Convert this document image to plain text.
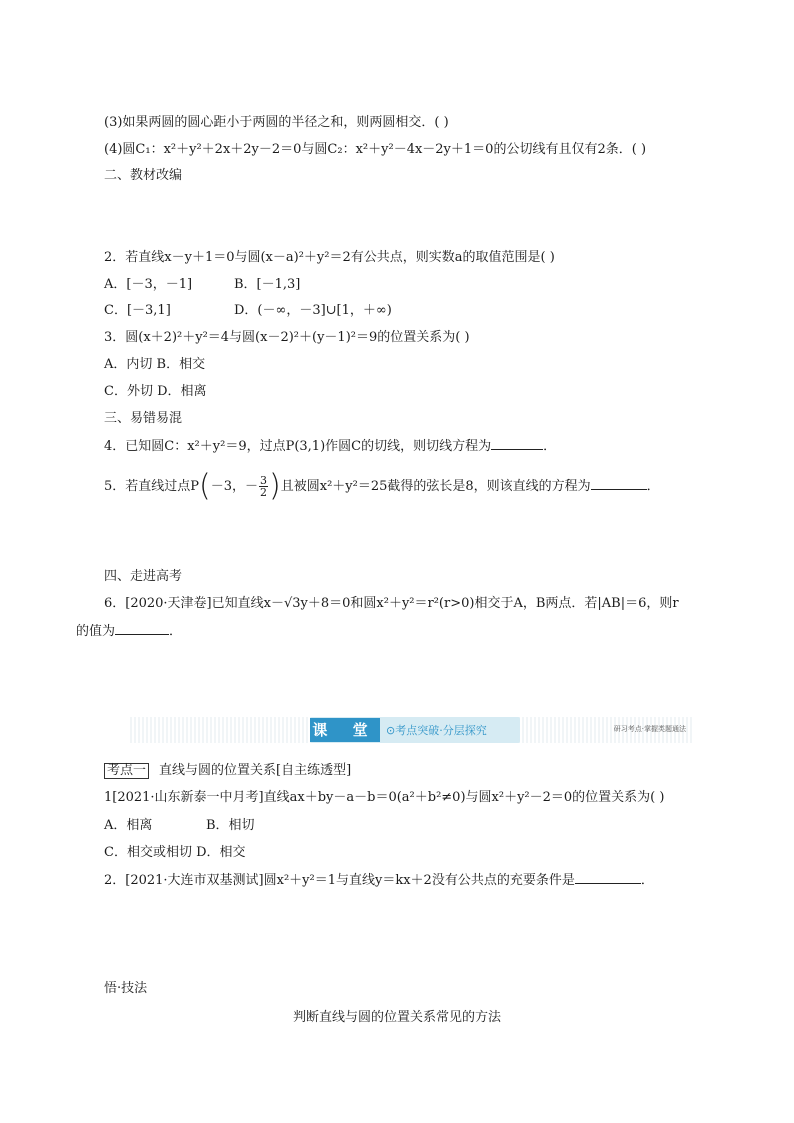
(3)如果两圆的圆心距小于两圆的半径之和，则两圆相交．( )
(4)圆C₁：x²＋y²＋2x＋2y－2＝0与圆C₂：x²＋y²－4x－2y＋1＝0的公切线有且仅有2条．( )
二、教材改编
2．若直线x－y＋1＝0与圆(x－a)²＋y²＝2有公共点，则实数a的取值范围是( )
A．[－3，－1]	B．[－1,3]
C．[－3,1]	D．(－∞，－3]∪[1，＋∞)
3．圆(x＋2)²＋y²＝4与圆(x－2)²＋(y－1)²＝9的位置关系为( )
A．内切 B．相交
C．外切 D．相离
三、易错易混
4．已知圆C：x²＋y²＝9，过点P(3,1)作圆C的切线，则切线方程为	．
5．若直线过点P(－3，－ $\frac{3}{2}$ )且被圆x²＋y²＝25截得的弦长是8，则该直线的方程为	．
四、走进高考
6．[2020·天津卷]已知直线x－√3y＋8＝0和圆x²＋y²＝r²(r>0)相交于A，B两点．若|AB|＝6，则r
的值为	．
课 堂 ⊙考点突破·分层探究	研习考点·掌握类题通法
考点一 直线与圆的位置关系[自主练透型]
1[2021·山东新泰一中月考]直线ax＋by－a－b＝0(a²＋b²≠0)与圆x²＋y²－2＝0的位置关系为( )
A．相离	B．相切
C．相交或相切 D．相交
2．[2021·大连市双基测试]圆x²＋y²＝1与直线y＝kx＋2没有公共点的充要条件是	．
悟·技法
判断直线与圆的位置关系常见的方法
